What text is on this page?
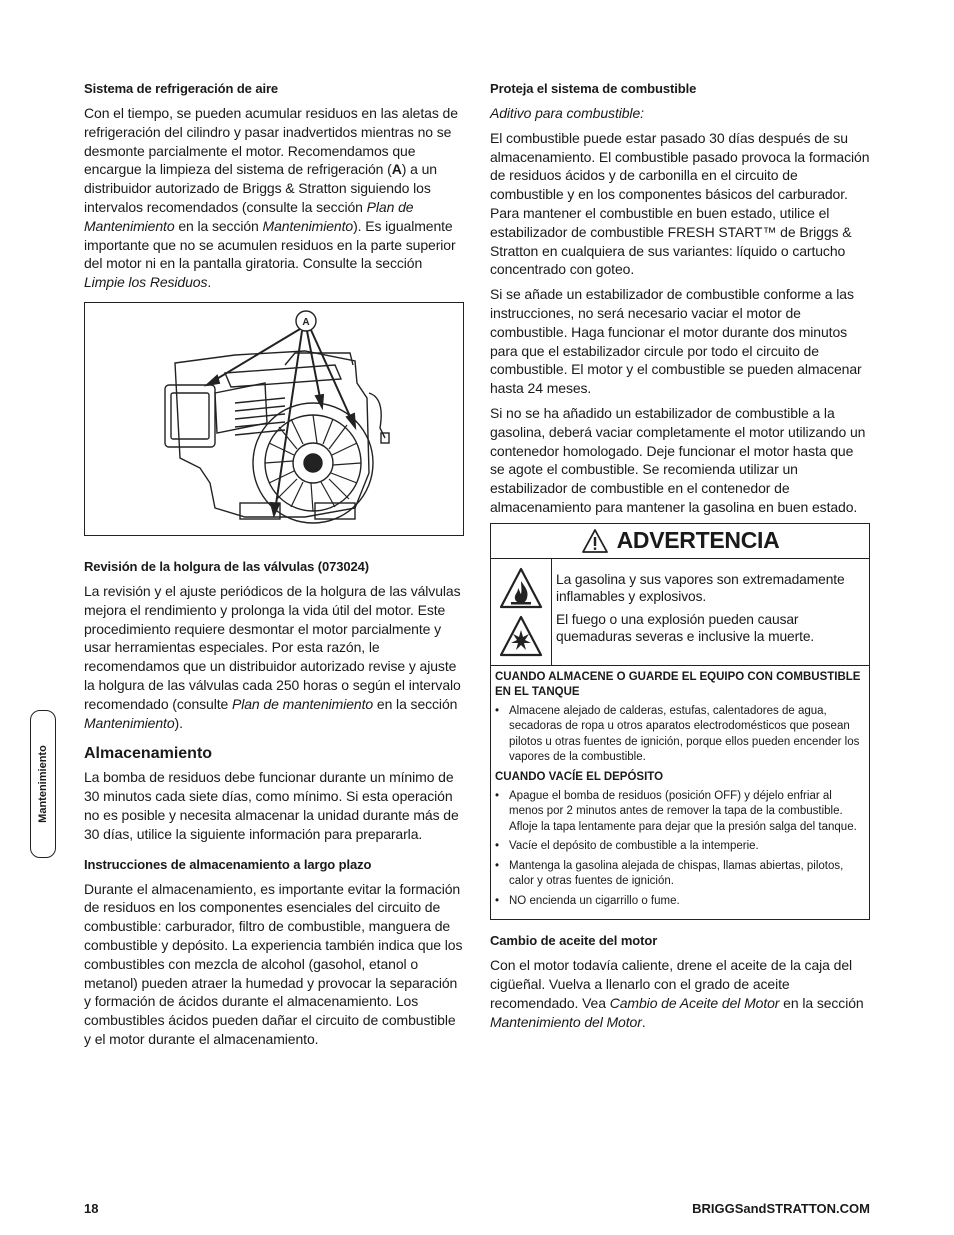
Sistema de refrigeración de aire

Con el tiempo, se pueden acumular residuos en las aletas de refrigeración del cilindro y pasar inadvertidos mientras no se desmonte parcialmente el motor. Recomendamos que encargue la limpieza del sistema de refrigeración (A) a un distribuidor autorizado de Briggs & Stratton siguiendo los intervalos recomendados (consulte la sección Plan de Mantenimiento en la sección Mantenimiento). Es igualmente importante que no se acumulen residuos en la parte superior del motor ni en la pantalla giratoria. Consulte la sección Limpie los Residuos.

A
Revisión de la holgura de las válvulas (073024)

La revisión y el ajuste periódicos de la holgura de las válvulas mejora el rendimiento y prolonga la vida útil del motor. Este procedimiento requiere desmontar el motor parcialmente y usar herramientas especiales. Por esta razón, le recomendamos que un distribuidor autorizado revise y ajuste la holgura de las válvulas cada 250 horas o según el intervalo recomendado (consulte Plan de mantenimiento en la sección Mantenimiento).

Almacenamiento

La bomba de residuos debe funcionar durante un mínimo de 30 minutos cada siete días, como mínimo. Si esta operación no es posible y necesita almacenar la unidad durante más de 30 días, utilice la siguiente información para prepararla.

Instrucciones de almacenamiento a largo plazo

Durante el almacenamiento, es importante evitar la formación de residuos en los componentes esenciales del circuito de combustible: carburador, filtro de combustible, manguera de combustible y depósito. La experiencia también indica que los combustibles con mezcla de alcohol (gasohol, etanol o metanol) pueden atraer la humedad y provocar la separación y formación de ácidos durante el almacenamiento. Los combustibles ácidos pueden dañar el circuito de combustible y el motor durante el almacenamiento.

Proteja el sistema de combustible

Aditivo para combustible:

El combustible puede estar pasado 30 días después de su almacenamiento. El combustible pasado provoca la formación de residuos ácidos y de carbonilla en el circuito de combustible y en los componentes básicos del carburador. Para mantener el combustible en buen estado, utilice el estabilizador de combustible FRESH START™ de Briggs & Stratton en cualquiera de sus variantes: líquido o cartucho concentrado con goteo.

Si se añade un estabilizador de combustible conforme a las instrucciones, no será necesario vaciar el motor de combustible. Haga funcionar el motor durante dos minutos para que el estabilizador circule por todo el circuito de combustible. El motor y el combustible se pueden almacenar hasta 24 meses.

Si no se ha añadido un estabilizador de combustible a la gasolina, deberá vaciar completamente el motor utilizando un contenedor homologado. Deje funcionar el motor hasta que se agote el combustible. Se recomienda utilizar un estabilizador de combustible en el contenedor de almacenamiento para mantener la gasolina en buen estado.

ADVERTENCIA

La gasolina y sus vapores son extremadamente inflamables y explosivos.

El fuego o una explosión pueden causar quemaduras severas e inclusive la muerte.

CUANDO ALMACENE O GUARDE EL EQUIPO CON COMBUSTIBLE EN EL TANQUE
• Almacene alejado de calderas, estufas, calentadores de agua, secadoras de ropa u otros aparatos electrodomésticos que posean pilotos u otras fuentes de ignición, porque ellos pueden encender los vapores de la combustible.
CUANDO VACÍE EL DEPÓSITO
• Apague el bomba de residuos (posición OFF) y déjelo enfriar al menos por 2 minutos antes de remover la tapa de la combustible. Afloje la tapa lentamente para dejar que la presión salga del tanque.
• Vacíe el depósito de combustible a la intemperie.
• Mantenga la gasolina alejada de chispas, llamas abiertas, pilotos, calor y otras fuentes de ignición.
• NO encienda un cigarrillo o fume.
Cambio de aceite del motor

Con el motor todavía caliente, drene el aceite de la caja del cigüeñal. Vuelva a llenarlo con el grado de aceite recomendado. Vea Cambio de Aceite del Motor en la sección Mantenimiento del Motor.

Mantenimiento
18	BRIGGSandSTRATTON.COM
